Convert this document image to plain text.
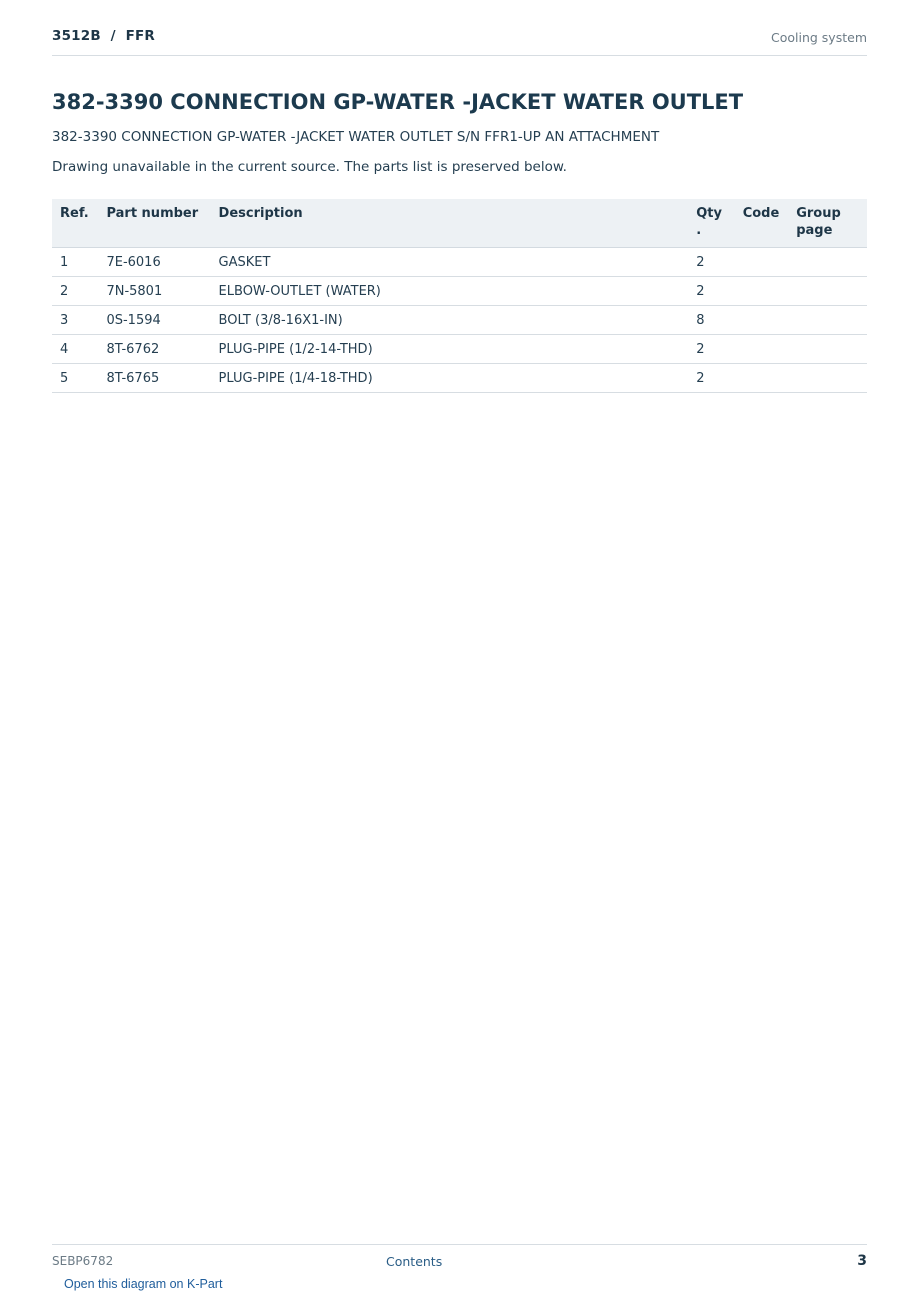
3512B  /  FFR	Cooling system
382-3390 CONNECTION GP-WATER -JACKET WATER OUTLET
382-3390 CONNECTION GP-WATER -JACKET WATER OUTLET S/N FFR1-UP AN ATTACHMENT
Drawing unavailable in the current source. The parts list is preserved below.
Ref.	Part number	Description	Qty .	Code	Group page
1	7E-6016	GASKET	2		
2	7N-5801	ELBOW-OUTLET (WATER)	2		
3	0S-1594	BOLT (3/8-16X1-IN)	8		
4	8T-6762	PLUG-PIPE (1/2-14-THD)	2		
5	8T-6765	PLUG-PIPE (1/4-18-THD)	2		
SEBP6782	Contents	3
Open this diagram on K-Part
